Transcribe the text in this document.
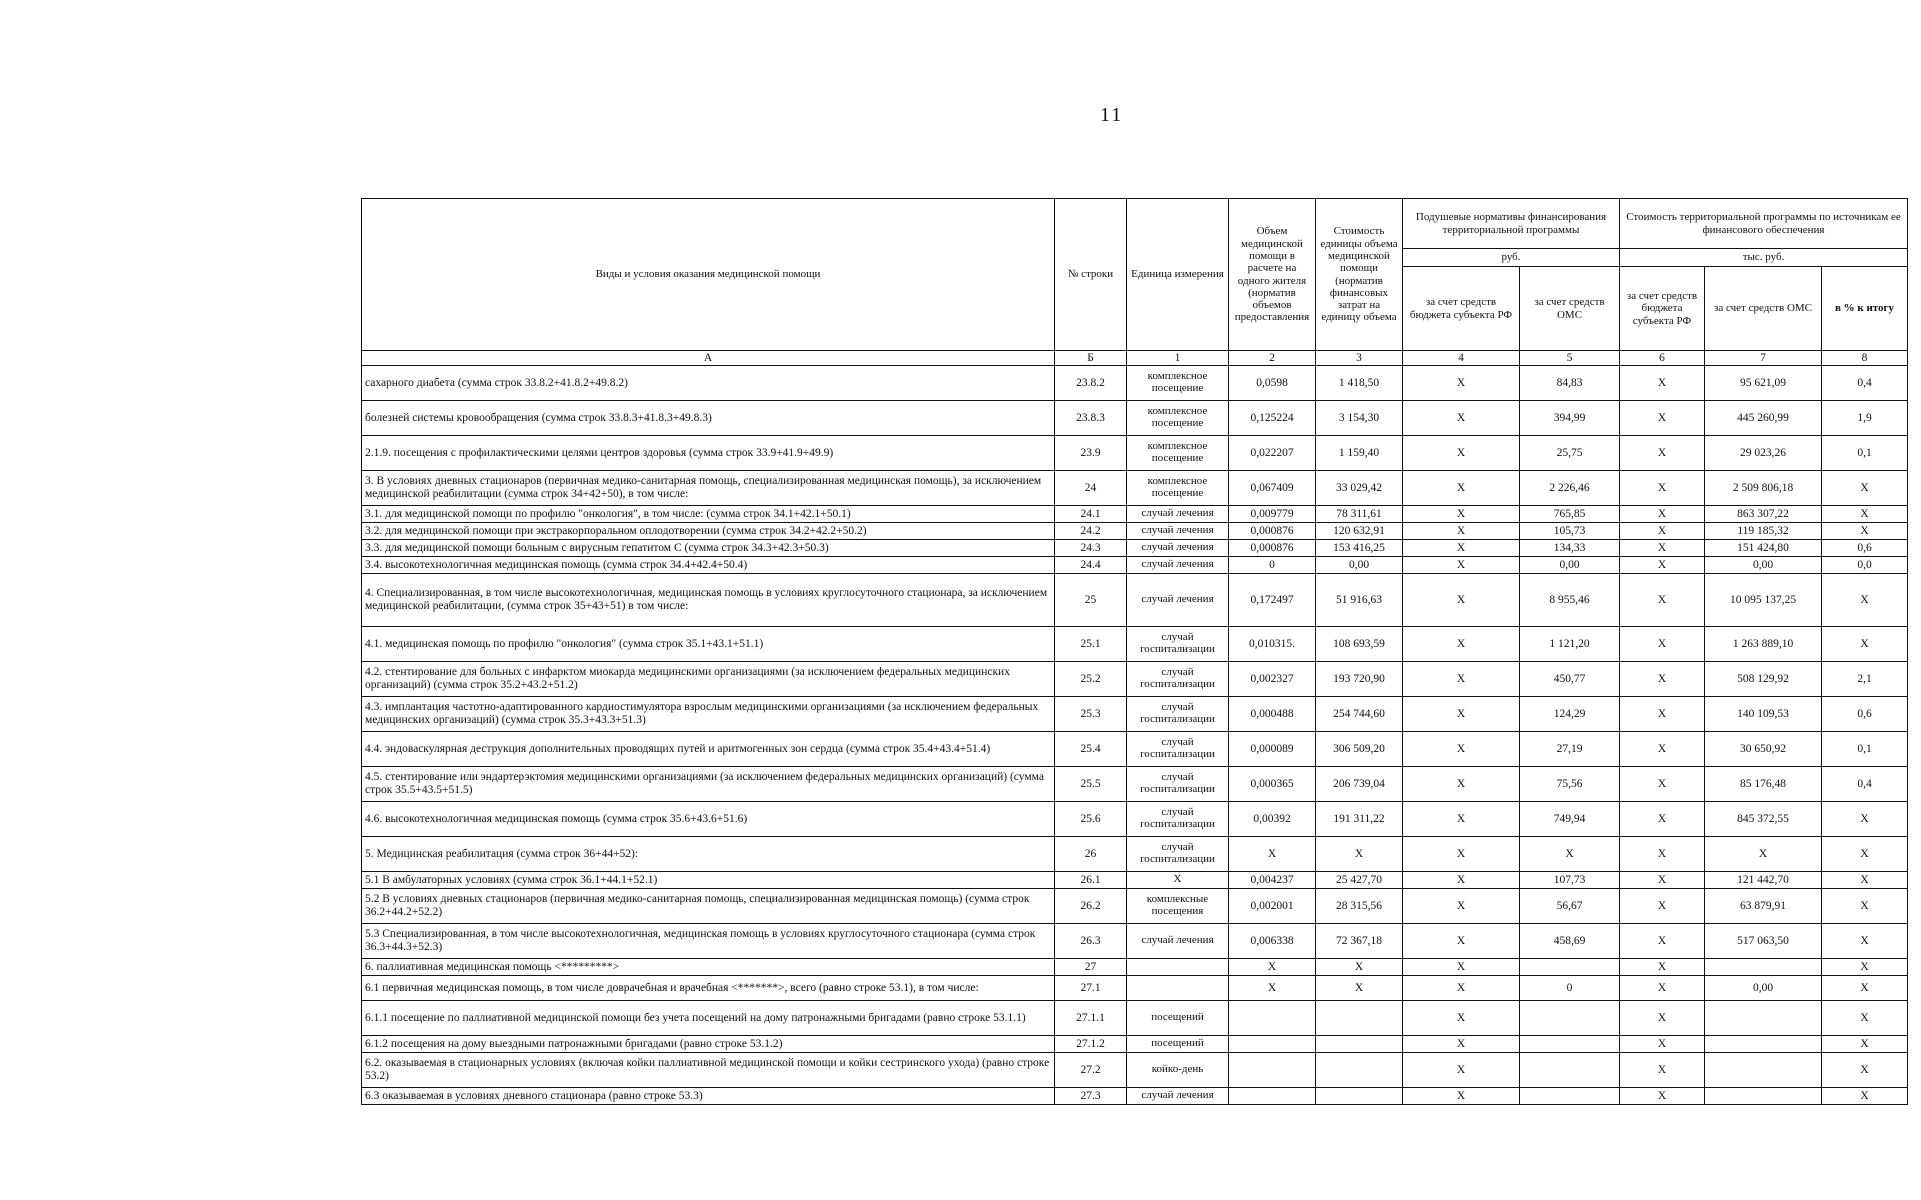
11
Виды и условия оказания медицинской помощи	№ строки	Единица измерения	Объем медицинской помощи в расчете на одного жителя (норматив объемов предоставления	Стоимость единицы объема медицинской помощи (норматив финансовых затрат на единицу объема	Подушевые нормативы финансирования территориальной программы		Стоимость территориальной программы по источникам ее финансового обеспечения		
					руб.		тыс. руб.		
					за счет средств бюджета субъекта РФ	за счет средств ОМС	за счет средств бюджета субъекта РФ	за счет средств ОМС	в % к итогу
А	Б	1	2	3	4	5	6	7	8
сахарного диабета (сумма строк 33.8.2+41.8.2+49.8.2)	23.8.2	комплексное посещение	0,0598	1 418,50	X	84,83	X	95 621,09	0,4
болезней системы кровообращения (сумма строк 33.8.3+41.8.3+49.8.3)	23.8.3	комплексное посещение	0,125224	3 154,30	X	394,99	X	445 260,99	1,9
2.1.9. посещения с профилактическими целями центров здоровья (сумма строк 33.9+41.9+49.9)	23.9	комплексное посещение	0,022207	1 159,40	X	25,75	X	29 023,26	0,1
3. В условиях дневных стационаров (первичная медико-санитарная помощь, специализированная медицинская помощь), за исключением медицинской реабилитации (сумма строк 34+42+50), в том числе:	24	комплексное посещение	0,067409	33 029,42	X	2 226,46	X	2 509 806,18	X
3.1. для медицинской помощи по профилю "онкология", в том числе: (сумма строк 34.1+42.1+50.1)	24.1	случай лечения	0,009779	78 311,61	X	765,85	X	863 307,22	X
3.2. для медицинской помощи при экстракорпоральном оплодотворении (сумма строк 34.2+42.2+50.2)	24.2	случай лечения	0,000876	120 632,91	X	105,73	X	119 185,32	X
3.3. для медицинской помощи больным с вирусным гепатитом С (сумма строк 34.3+42.3+50.3)	24.3	случай лечения	0,000876	153 416,25	X	134,33	X	151 424,80	0,6
3.4. высокотехнологичная медицинская помощь (сумма строк 34.4+42.4+50.4)	24.4	случай лечения	0	0,00	X	0,00	X	0,00	0,0
4. Специализированная, в том числе высокотехнологичная, медицинская помощь в условиях круглосуточного стационара, за исключением медицинской реабилитации, (сумма строк 35+43+51) в том числе:	25	случай лечения	0,172497	51 916,63	X	8 955,46	X	10 095 137,25	X
4.1. медицинская помощь по профилю "онкология" (сумма строк 35.1+43.1+51.1)	25.1	случай госпитализации	0,010315.	108 693,59	X	1 121,20	X	1 263 889,10	X
4.2. стентирование для больных с инфарктом миокарда медицинскими организациями (за исключением федеральных медицинских организаций) (сумма строк 35.2+43.2+51.2)	25.2	случай госпитализации	0,002327	193 720,90	X	450,77	X	508 129,92	2,1
4.3. имплантация частотно-адаптированного кардиостимулятора взрослым медицинскими организациями (за исключением федеральных медицинских организаций) (сумма строк 35.3+43.3+51.3)	25.3	случай госпитализации	0,000488	254 744,60	X	124,29	X	140 109,53	0,6
4.4. эндоваскулярная деструкция дополнительных проводящих путей и аритмогенных зон сердца (сумма строк 35.4+43.4+51.4)	25.4	случай госпитализации	0,000089	306 509,20	X	27,19	X	30 650,92	0,1
4.5. стентирование или эндартерэктомия медицинскими организациями (за исключением федеральных медицинских организаций) (сумма строк 35.5+43.5+51.5)	25.5	случай госпитализации	0,000365	206 739,04	X	75,56	X	85 176,48	0,4
4.6. высокотехнологичная медицинская помощь (сумма строк 35.6+43.6+51.6)	25.6	случай госпитализации	0,00392	191 311,22	X	749,94	X	845 372,55	X
5. Медицинская реабилитация (сумма строк 36+44+52):	26	случай госпитализации	X	X	X	X	X	X	X
5.1 В амбулаторных условиях (сумма строк 36.1+44.1+52.1)	26.1	X	0,004237	25 427,70	X	107,73	X	121 442,70	X
5.2 В условиях дневных стационаров (первичная медико-санитарная помощь, специализированная медицинская помощь) (сумма строк 36.2+44.2+52.2)	26.2	комплексные посещения	0,002001	28 315,56	X	56,67	X	63 879,91	X
5.3 Специализированная, в том числе высокотехнологичная, медицинская помощь в условиях круглосуточного стационара (сумма строк 36.3+44.3+52.3)	26.3	случай лечения	0,006338	72 367,18	X	458,69	X	517 063,50	X
6. паллиативная медицинская помощь <*********>	27		X	X	X		X		X
6.1 первичная медицинская помощь, в том числе доврачебная и врачебная <*******>, всего (равно строке 53.1), в том числе:	27.1		X	X	X	0	X	0,00	X
6.1.1 посещение по паллиативной медицинской помощи без учета посещений на дому патронажными бригадами (равно строке 53.1.1)	27.1.1	посещений			X		X		X
6.1.2 посещения на дому выездными патронажными бригадами (равно строке 53.1.2)	27.1.2	посещений			X		X		X
6.2. оказываемая в стационарных условиях (включая койки паллиативной медицинской помощи и койки сестринского ухода) (равно строке 53.2)	27.2	койко-день			X		X		X
6.3 оказываемая в условиях дневного стационара (равно строке 53.3)	27.3	случай лечения			X		X		X
